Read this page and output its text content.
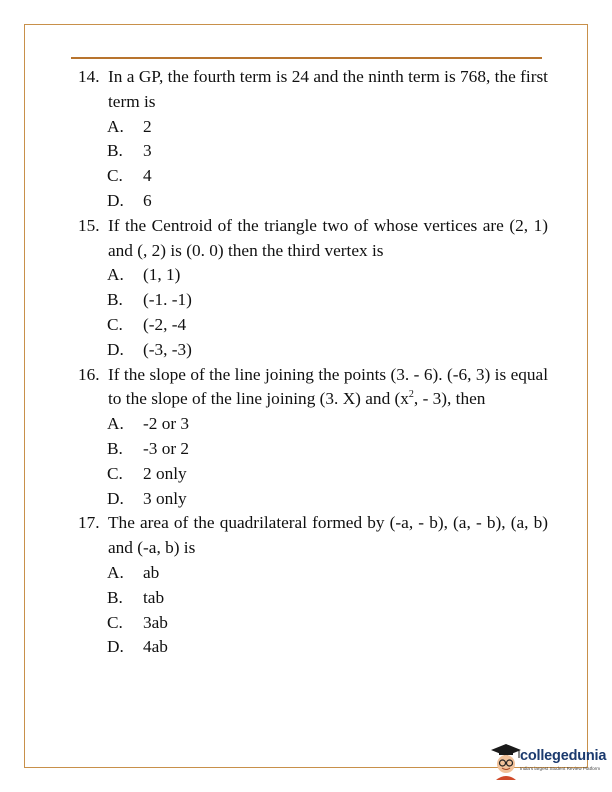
14. In a GP, the fourth term is 24 and the ninth term is 768, the first term is
A. 2
B. 3
C. 4
D. 6
15. If the Centroid of the triangle two of whose vertices are (2, 1) and (, 2) is (0. 0) then the third vertex is
A. (1, 1)
B. (-1. -1)
C. (-2, -4
D. (-3, -3)
16. If the slope of the line joining the points (3. - 6). (-6, 3) is equal to the slope of the line joining (3. X) and ($x^2$, - 3), then
A. -2 or 3
B. -3 or 2
C. 2 only
D. 3 only
17. The area of the quadrilateral formed by (-a, - b), (a, - b), (a, b) and (-a, b) is
A. ab
B. tab
C. 3ab
D. 4ab
collegedunia
India's largest Student Review Platform
